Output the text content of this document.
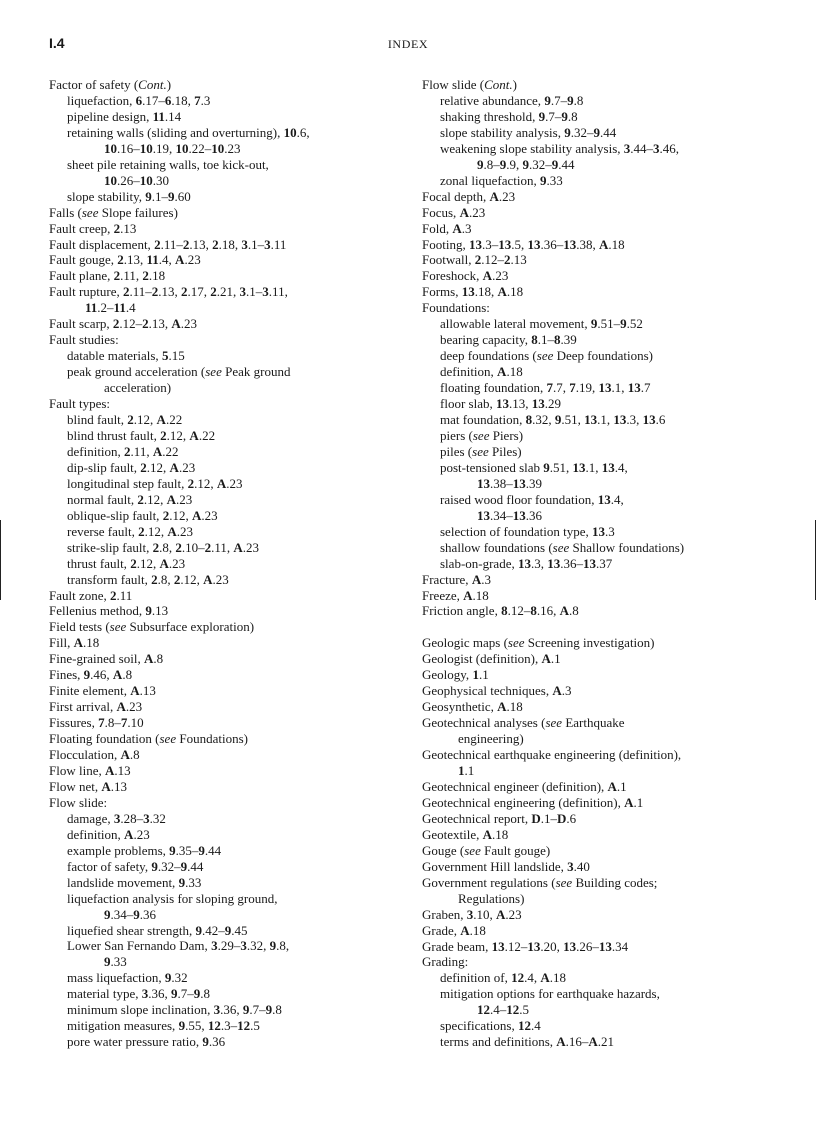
I.4	INDEX
Factor of safety (Cont.)
liquefaction, 6.17–6.18, 7.3
pipeline design, 11.14
retaining walls (sliding and overturning), 10.6,
10.16–10.19, 10.22–10.23
sheet pile retaining walls, toe kick-out,
10.26–10.30
slope stability, 9.1–9.60
Falls (see Slope failures)
Fault creep, 2.13
Fault displacement, 2.11–2.13, 2.18, 3.1–3.11
Fault gouge, 2.13, 11.4, A.23
Fault plane, 2.11, 2.18
Fault rupture, 2.11–2.13, 2.17, 2.21, 3.1–3.11,
11.2–11.4
Fault scarp, 2.12–2.13, A.23
Fault studies:
datable materials, 5.15
peak ground acceleration (see Peak ground
acceleration)
Fault types:
blind fault, 2.12, A.22
blind thrust fault, 2.12, A.22
definition, 2.11, A.22
dip-slip fault, 2.12, A.23
longitudinal step fault, 2.12, A.23
normal fault, 2.12, A.23
oblique-slip fault, 2.12, A.23
reverse fault, 2.12, A.23
strike-slip fault, 2.8, 2.10–2.11, A.23
thrust fault, 2.12, A.23
transform fault, 2.8, 2.12, A.23
Fault zone, 2.11
Fellenius method, 9.13
Field tests (see Subsurface exploration)
Fill, A.18
Fine-grained soil, A.8
Fines, 9.46, A.8
Finite element, A.13
First arrival, A.23
Fissures, 7.8–7.10
Floating foundation (see Foundations)
Flocculation, A.8
Flow line, A.13
Flow net, A.13
Flow slide:
damage, 3.28–3.32
definition, A.23
example problems, 9.35–9.44
factor of safety, 9.32–9.44
landslide movement, 9.33
liquefaction analysis for sloping ground,
9.34–9.36
liquefied shear strength, 9.42–9.45
Lower San Fernando Dam, 3.29–3.32, 9.8,
9.33
mass liquefaction, 9.32
material type, 3.36, 9.7–9.8
minimum slope inclination, 3.36, 9.7–9.8
mitigation measures, 9.55, 12.3–12.5
pore water pressure ratio, 9.36
Flow slide (Cont.)
relative abundance, 9.7–9.8
shaking threshold, 9.7–9.8
slope stability analysis, 9.32–9.44
weakening slope stability analysis, 3.44–3.46,
9.8–9.9, 9.32–9.44
zonal liquefaction, 9.33
Focal depth, A.23
Focus, A.23
Fold, A.3
Footing, 13.3–13.5, 13.36–13.38, A.18
Footwall, 2.12–2.13
Foreshock, A.23
Forms, 13.18, A.18
Foundations:
allowable lateral movement, 9.51–9.52
bearing capacity, 8.1–8.39
deep foundations (see Deep foundations)
definition, A.18
floating foundation, 7.7, 7.19, 13.1, 13.7
floor slab, 13.13, 13.29
mat foundation, 8.32, 9.51, 13.1, 13.3, 13.6
piers (see Piers)
piles (see Piles)
post-tensioned slab 9.51, 13.1, 13.4,
13.38–13.39
raised wood floor foundation, 13.4,
13.34–13.36
selection of foundation type, 13.3
shallow foundations (see Shallow foundations)
slab-on-grade, 13.3, 13.36–13.37
Fracture, A.3
Freeze, A.18
Friction angle, 8.12–8.16, A.8
Geologic maps (see Screening investigation)
Geologist (definition), A.1
Geology, 1.1
Geophysical techniques, A.3
Geosynthetic, A.18
Geotechnical analyses (see Earthquake
engineering)
Geotechnical earthquake engineering (definition),
1.1
Geotechnical engineer (definition), A.1
Geotechnical engineering (definition), A.1
Geotechnical report, D.1–D.6
Geotextile, A.18
Gouge (see Fault gouge)
Government Hill landslide, 3.40
Government regulations (see Building codes;
Regulations)
Graben, 3.10, A.23
Grade, A.18
Grade beam, 13.12–13.20, 13.26–13.34
Grading:
definition of, 12.4, A.18
mitigation options for earthquake hazards,
12.4–12.5
specifications, 12.4
terms and definitions, A.16–A.21
